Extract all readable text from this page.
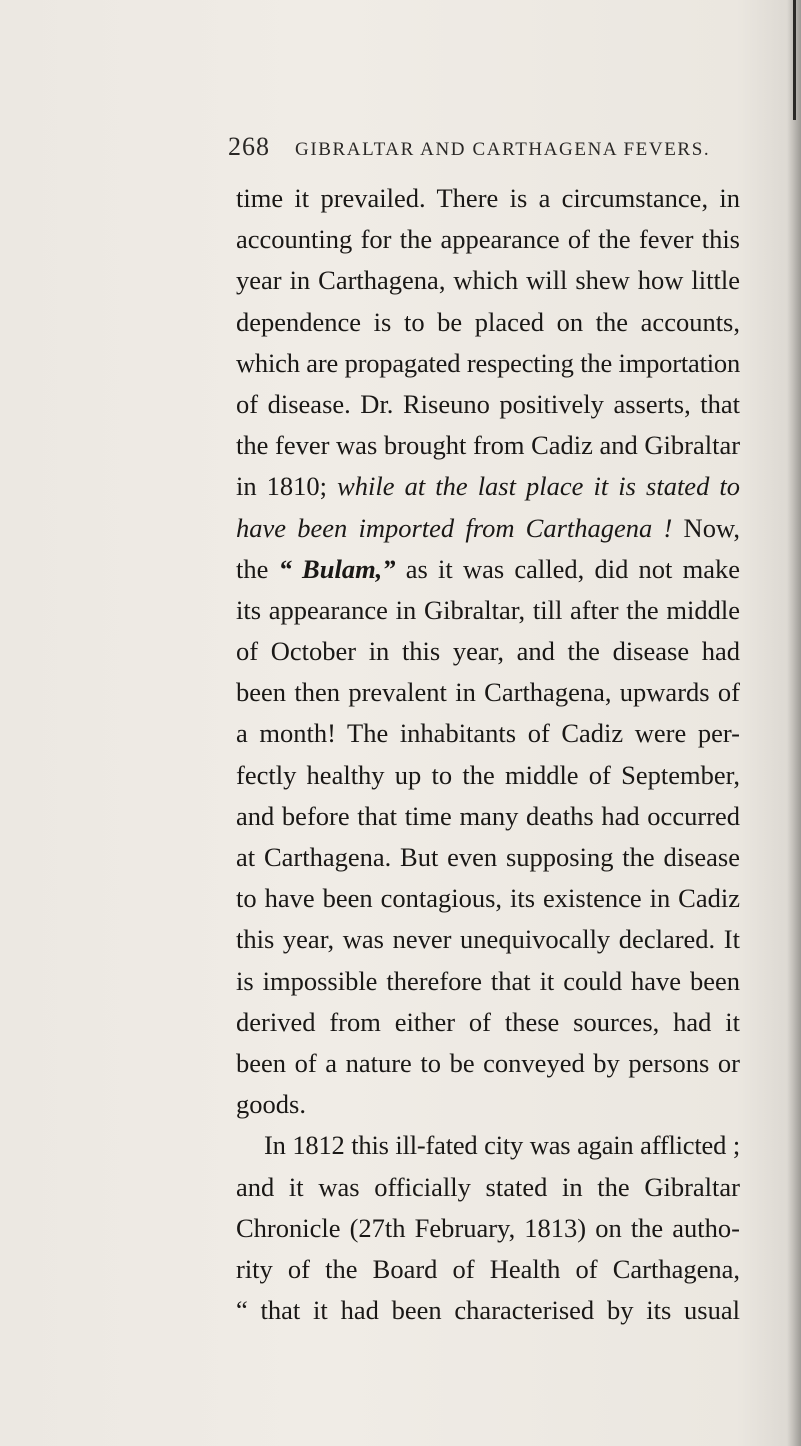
268 GIBRALTAR AND CARTHAGENA FEVERS.
time it prevailed. There is a circumstance, in
accounting for the appearance of the fever this
year in Carthagena, which will shew how little
dependence is to be placed on the accounts,
which are propagated respecting the importation
of disease. Dr. Riseuno positively asserts, that
the fever was brought from Cadiz and Gibraltar
in 1810; while at the last place it is stated to
have been imported from Carthagena ! Now,
the “ Bulam,” as it was called, did not make
its appearance in Gibraltar, till after the middle
of October in this year, and the disease had
been then prevalent in Carthagena, upwards of
a month! The inhabitants of Cadiz were per-
fectly healthy up to the middle of September,
and before that time many deaths had occurred
at Carthagena. But even supposing the disease
to have been contagious, its existence in Cadiz
this year, was never unequivocally declared. It
is impossible therefore that it could have been
derived from either of these sources, had it
been of a nature to be conveyed by persons or
goods.
In 1812 this ill-fated city was again afflicted ;
and it was officially stated in the Gibraltar
Chronicle (27th February, 1813) on the autho-
rity of the Board of Health of Carthagena,
“ that it had been characterised by its usual
